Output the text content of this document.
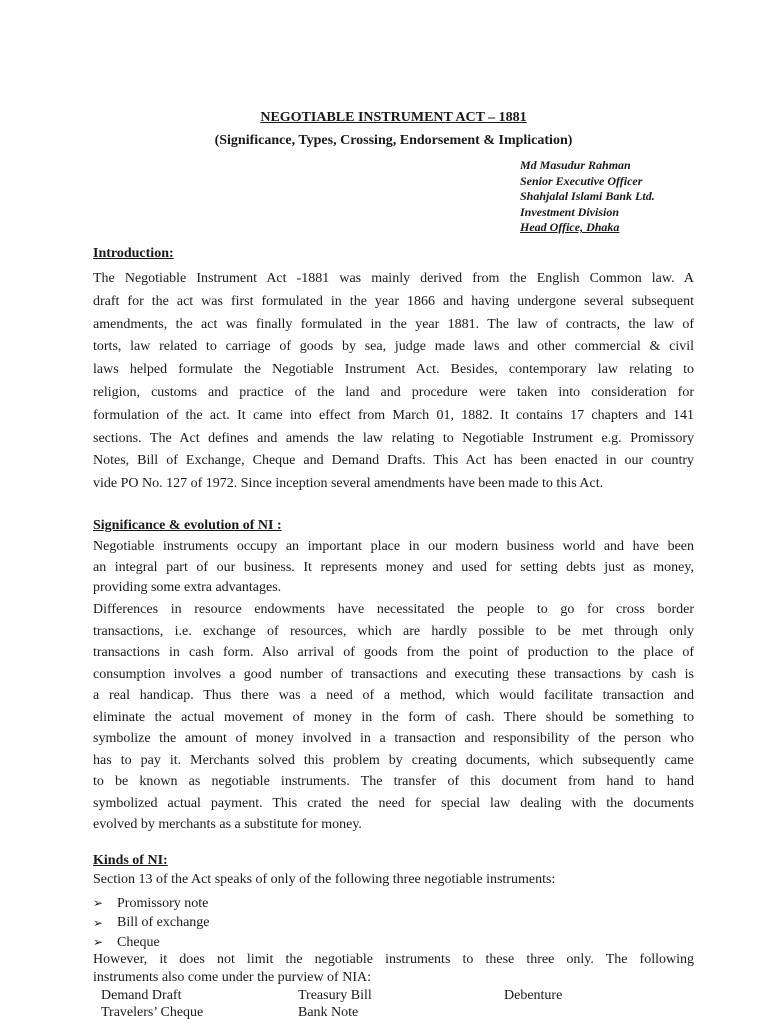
NEGOTIABLE INSTRUMENT ACT – 1881
(Significance, Types, Crossing, Endorsement & Implication)
Md Masudur Rahman
Senior Executive Officer
Shahjalal Islami Bank Ltd.
Investment Division
Head Office, Dhaka
Introduction:
The Negotiable Instrument Act -1881 was mainly derived from the English Common law. A
draft for the act was first formulated in the year 1866 and having undergone several subsequent
amendments, the act was finally formulated in the year 1881. The law of contracts, the law of
torts, law related to carriage of goods by sea, judge made laws and other commercial & civil
laws helped formulate the Negotiable Instrument Act. Besides, contemporary law relating to
religion, customs and practice of the land and procedure were taken into consideration for
formulation of the act. It came into effect from March 01, 1882. It contains 17 chapters and 141
sections. The Act defines and amends the law relating to Negotiable Instrument e.g. Promissory
Notes, Bill of Exchange, Cheque and Demand Drafts. This Act has been enacted in our country
vide PO No. 127 of 1972. Since inception several amendments have been made to this Act.
Significance & evolution of NI :
Negotiable instruments occupy an important place in our modern business world and have been
an integral part of our business. It represents money and used for setting debts just as money,
providing some extra advantages.
Differences in resource endowments have necessitated the people to go for cross border
transactions, i.e. exchange of resources, which are hardly possible to be met through only
transactions in cash form. Also arrival of goods from the point of production to the place of
consumption involves a good number of transactions and executing these transactions by cash is
a real handicap. Thus there was a need of a method, which would facilitate transaction and
eliminate the actual movement of money in the form of cash. There should be something to
symbolize the amount of money involved in a transaction and responsibility of the person who
has to pay it. Merchants solved this problem by creating documents, which subsequently came
to be known as negotiable instruments. The transfer of this document from hand to hand
symbolized actual payment. This crated the need for special law dealing with the documents
evolved by merchants as a substitute for money.
Kinds of NI:
Section 13 of the Act speaks of only of the following three negotiable instruments:
➢ Promissory note
➢ Bill of exchange
➢ Cheque
However, it does not limit the negotiable instruments to these three only. The following
instruments also come under the purview of NIA:
Demand Draft	Treasury Bill	Debenture
Travelers’ Cheque	Bank Note
